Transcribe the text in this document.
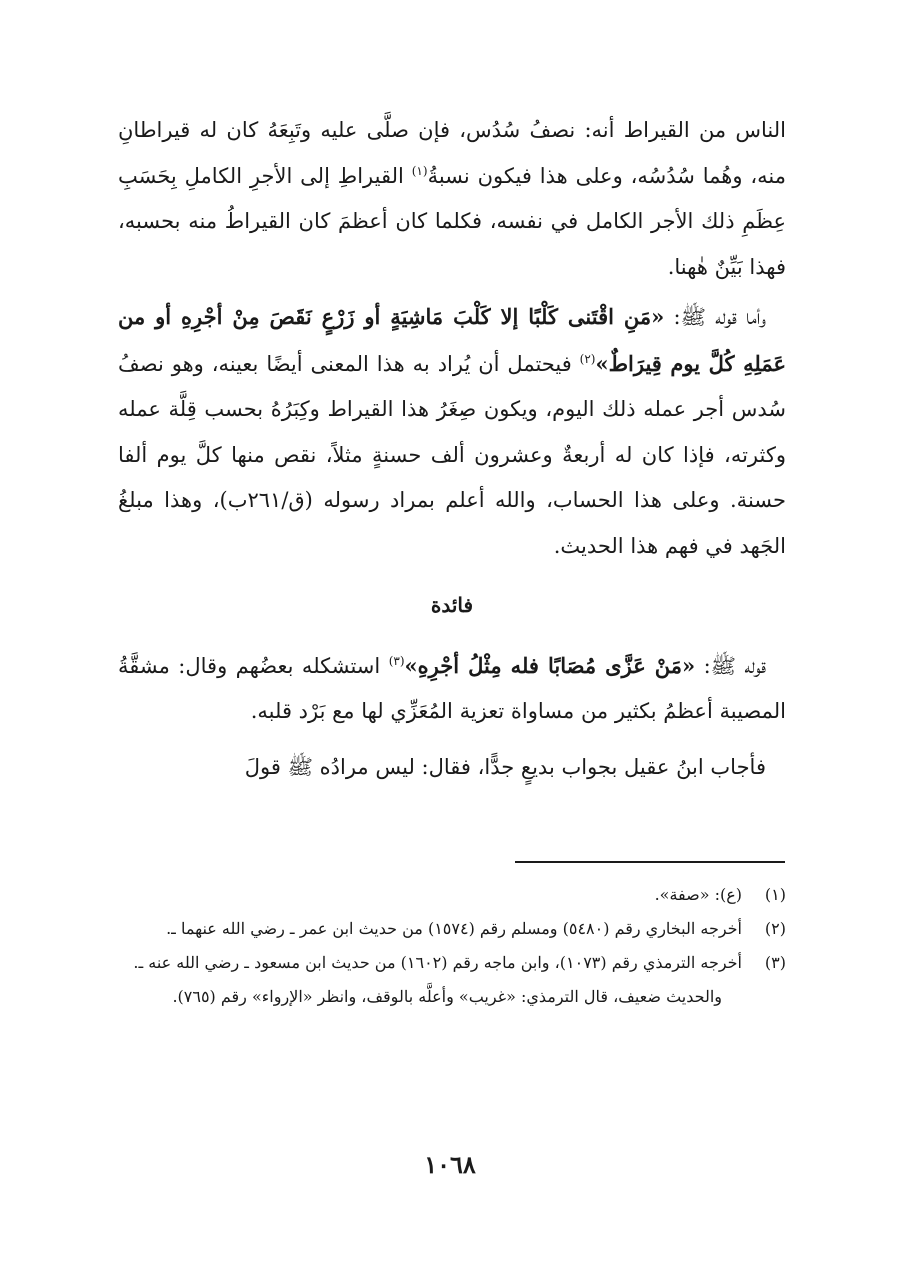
الناس من القيراط أنه: نصفُ سُدُس، فإن صلَّى عليه وتَبِعَهُ كان له قيراطانِ منه، وهُما سُدُسُه، وعلى هذا فيكون نسبةُ$^{(١)}$ القيراطِ إلى الأجرِ الكاملِ بِحَسَبِ عِظَمِ ذلك الأجر الكامل في نفسه، فكلما كان أعظمَ كان القيراطُ منه بحسبه، فهذا بَيِّنٌ هٰهنا.

وأما قوله ﷺ: «مَنِ اقْتَنى كَلْبًا إلا كَلْبَ مَاشِيَةٍ أو زَرْعٍ نَقَصَ مِنْ أجْرِهِ أو من عَمَلِهِ كُلَّ يوم قِيرَاطٌ»$^{(٢)}$ فيحتمل أن يُراد به هذا المعنى أيضًا بعينه، وهو نصفُ سُدس أجر عمله ذلك اليوم، ويكون صِغَرُ هذا القيراط وكِبَرُهُ بحسب قِلَّة عمله وكثرته، فإذا كان له أربعةٌ وعشرون ألف حسنةٍ مثلاً، نقص منها كلَّ يوم ألفا حسنة. وعلى هذا الحساب، والله أعلم بمراد رسوله (ق/٢٦١ب)، وهذا مبلغُ الجَهد في فهم هذا الحديث.

فائدة

قوله ﷺ: «مَنْ عَزَّى مُصَابًا فله مِثْلُ أجْرِهِ»$^{(٣)}$ استشكله بعضُهم وقال: مشقَّةُ المصيبة أعظمُ بكثير من مساواة تعزية المُعَزِّي لها مع بَرْد قلبه.

فأجاب ابنُ عقيل بجواب بديعٍ جدًّا، فقال: ليس مرادُه ﷺ قولَ

(١)
(ع): «صفة».
(٢)
أخرجه البخاري رقم (٥٤٨٠) ومسلم رقم (١٥٧٤) من حديث ابن عمر ـ رضي الله عنهما ـ.
(٣)
أخرجه الترمذي رقم (١٠٧٣)، وابن ماجه رقم (١٦٠٢) من حديث ابن مسعود ـ رضي الله عنه ـ.

والحديث ضعيف، قال الترمذي: «غريب» وأعلَّه بالوقف، وانظر «الإرواء» رقم (٧٦٥).

١٠٦٨
